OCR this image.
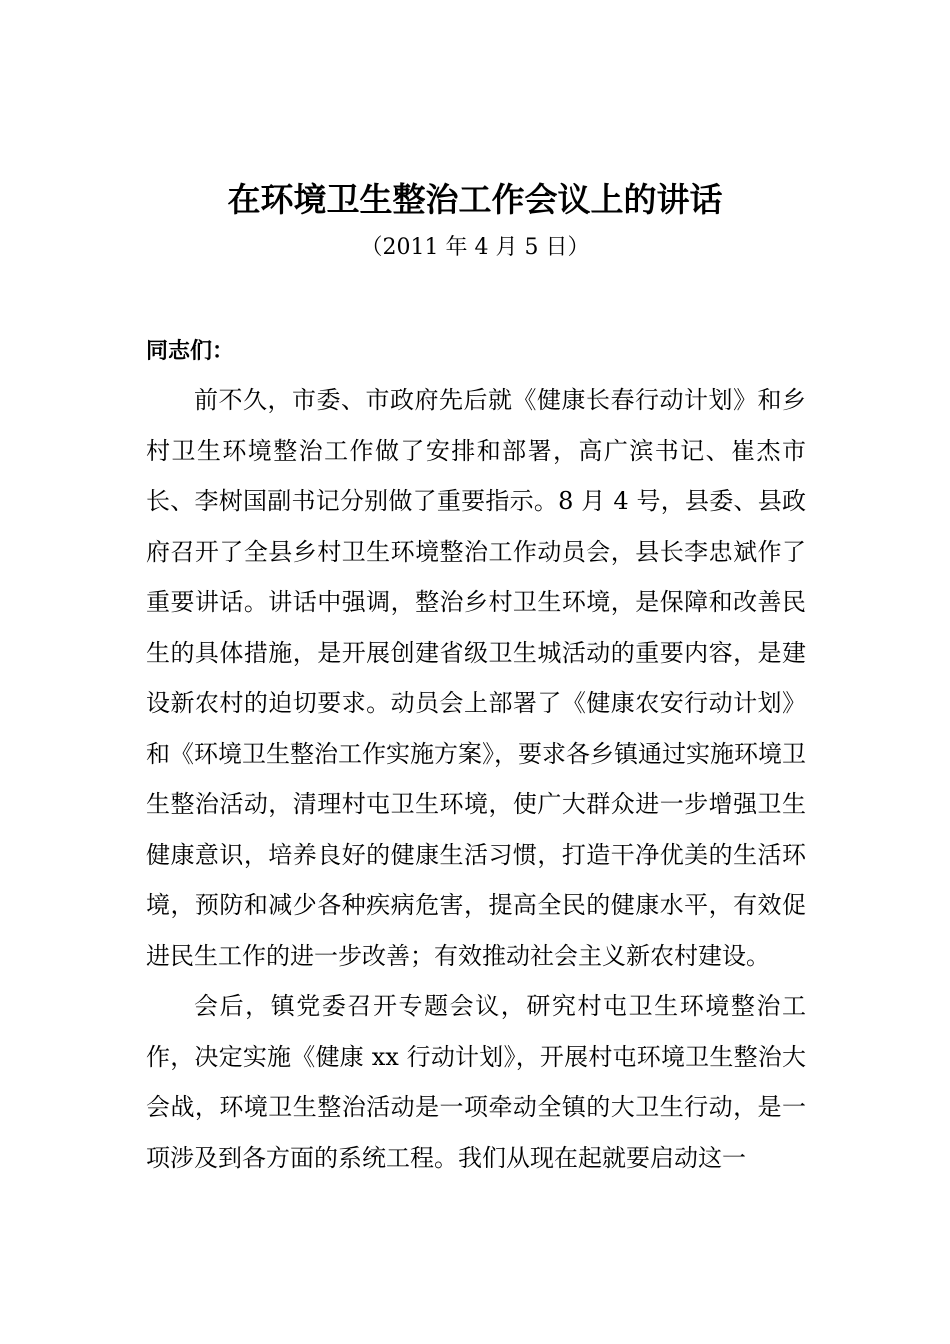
在环境卫生整治工作会议上的讲话
（2011 年 4 月 5 日）
同志们：

前不久，市委、市政府先后就《健康长春行动计划》和乡村卫生环境整治工作做了安排和部署，高广滨书记、崔杰市长、李树国副书记分别做了重要指示。8 月 4 号，县委、县政府召开了全县乡村卫生环境整治工作动员会，县长李忠斌作了重要讲话。讲话中强调，整治乡村卫生环境，是保障和改善民生的具体措施，是开展创建省级卫生城活动的重要内容，是建设新农村的迫切要求。动员会上部署了《健康农安行动计划》和《环境卫生整治工作实施方案》，要求各乡镇通过实施环境卫生整治活动，清理村屯卫生环境，使广大群众进一步增强卫生健康意识，培养良好的健康生活习惯，打造干净优美的生活环境，预防和减少各种疾病危害，提高全民的健康水平，有效促进民生工作的进一步改善；有效推动社会主义新农村建设。

会后，镇党委召开专题会议，研究村屯卫生环境整治工作，决定实施《健康 xx 行动计划》，开展村屯环境卫生整治大会战，环境卫生整治活动是一项牵动全镇的大卫生行动，是一项涉及到各方面的系统工程。我们从现在起就要启动这一
